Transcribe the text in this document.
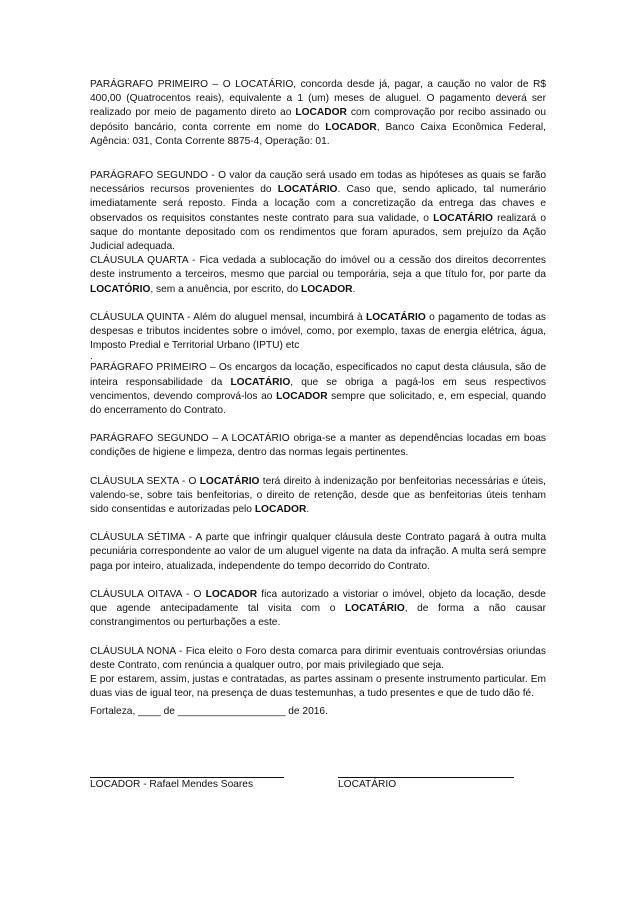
PARÁGRAFO PRIMEIRO – O LOCATÁRIO, concorda desde já, pagar, a caução no valor de R$ 400,00 (Quatrocentos reais), equivalente a 1 (um) meses de aluguel. O pagamento deverá ser realizado por meio de pagamento direto ao LOCADOR com comprovação por recibo assinado ou depósito bancário, conta corrente em nome do LOCADOR, Banco Caixa Econômica Federal, Agência: 031, Conta Corrente 8875-4, Operação: 01.

PARÁGRAFO SEGUNDO - O valor da caução será usado em todas as hipóteses as quais se farão necessários recursos provenientes do LOCATÁRIO. Caso que, sendo aplicado, tal numerário imediatamente será reposto. Finda a locação com a concretização da entrega das chaves e observados os requisitos constantes neste contrato para sua validade, o LOCATÁRIO realizará o saque do montante depositado com os rendimentos que foram apurados, sem prejuízo da Ação Judicial adequada.

CLÁUSULA QUARTA - Fica vedada a sublocação do imóvel ou a cessão dos direitos decorrentes deste instrumento a terceiros, mesmo que parcial ou temporária, seja a que título for, por parte da LOCATÓRIO, sem a anuência, por escrito, do LOCADOR.

CLÁUSULA QUINTA - Além do aluguel mensal, incumbirá à LOCATÁRIO o pagamento de todas as despesas e tributos incidentes sobre o imóvel, como, por exemplo, taxas de energia elétrica, água, Imposto Predial e Territorial Urbano (IPTU) etc

.

PARÁGRAFO PRIMEIRO – Os encargos da locação, especificados no caput desta cláusula, são de inteira responsabilidade da LOCATÁRIO, que se obriga a pagá-los em seus respectivos vencimentos, devendo comprová-los ao LOCADOR sempre que solicitado, e, em especial, quando do encerramento do Contrato.

PARÁGRAFO SEGUNDO – A LOCATÁRIO obriga-se a manter as dependências locadas em boas condições de higiene e limpeza, dentro das normas legais pertinentes.

CLÁUSULA SEXTA - O LOCATÁRIO terá direito à indenização por benfeitorias necessárias e úteis, valendo-se, sobre tais benfeitorias, o direito de retenção, desde que as benfeitorias úteis tenham sido consentidas e autorizadas pelo LOCADOR.

CLÁUSULA SÉTIMA - A parte que infringir qualquer cláusula deste Contrato pagará à outra multa pecuniária correspondente ao valor de um aluguel vigente na data da infração. A multa será sempre paga por inteiro, atualizada, independente do tempo decorrido do Contrato.

CLÁUSULA OITAVA - O LOCADOR fica autorizado a vistoriar o imóvel, objeto da locação, desde que agende antecipadamente tal visita com o LOCATÁRIO, de forma a não causar constrangimentos ou perturbações a este.

CLÁUSULA NONA - Fica eleito o Foro desta comarca para dirimir eventuais controvérsias oriundas deste Contrato, com renúncia a qualquer outro, por mais privilegiado que seja.

E por estarem, assim, justas e contratadas, as partes assinam o presente instrumento particular. Em duas vias de igual teor, na presença de duas testemunhas, a tudo presentes e que de tudo dão fé.

Fortaleza, ____ de ___________________ de 2016.
LOCADOR - Rafael Mendes Soares	LOCATÁRIO
